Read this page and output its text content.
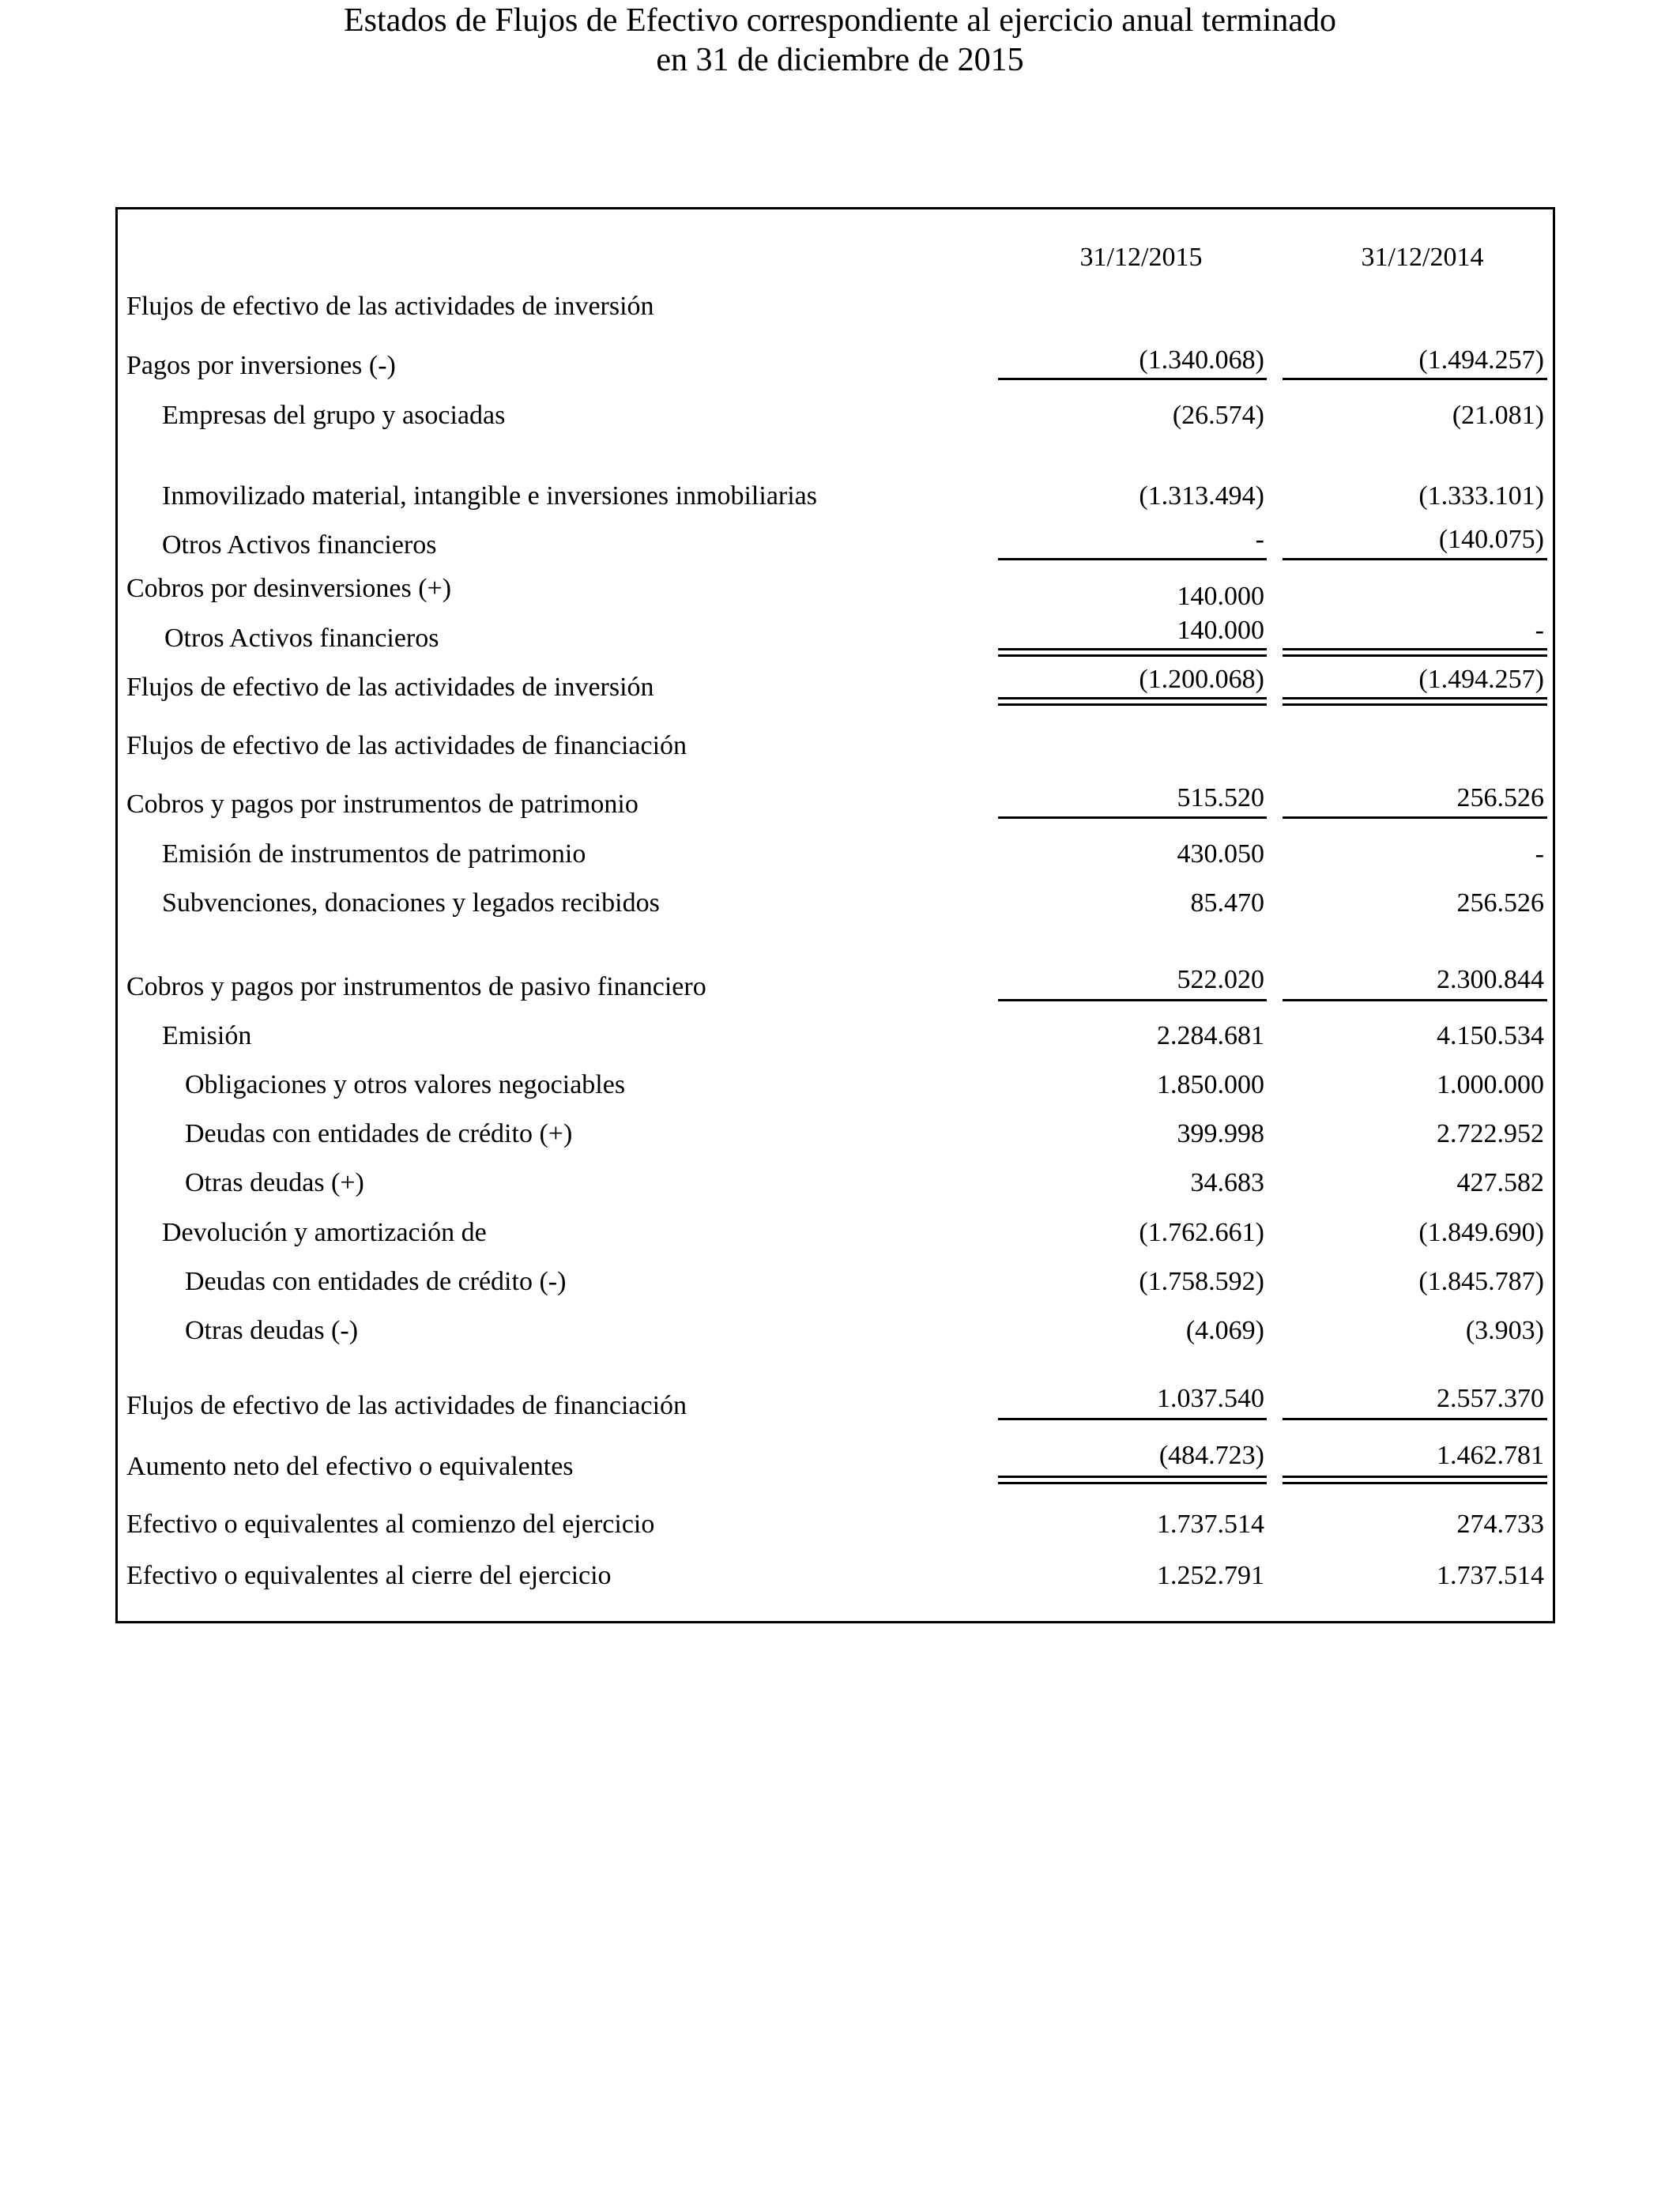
Estados de Flujos de Efectivo correspondiente al ejercicio anual terminado
en 31 de diciembre de 2015
31/12/2015	31/12/2014
Flujos de efectivo de las actividades de inversión
Pagos por inversiones (-)	(1.340.068)	(1.494.257)
Empresas del grupo y asociadas	(26.574)	(21.081)
Inmovilizado material, intangible e inversiones inmobiliarias	(1.313.494)	(1.333.101)
Otros Activos financieros	-	(140.075)
Cobros por desinversiones (+)	140.000
Otros Activos financieros	140.000	-
Flujos de efectivo de las actividades de inversión	(1.200.068)	(1.494.257)
Flujos de efectivo de las actividades de financiación
Cobros y pagos por instrumentos de patrimonio	515.520	256.526
Emisión de instrumentos de patrimonio	430.050	-
Subvenciones, donaciones y legados recibidos	85.470	256.526
Cobros y pagos por instrumentos de pasivo financiero	522.020	2.300.844
Emisión	2.284.681	4.150.534
Obligaciones y otros valores negociables	1.850.000	1.000.000
Deudas con entidades de crédito (+)	399.998	2.722.952
Otras deudas (+)	34.683	427.582
Devolución y amortización de	(1.762.661)	(1.849.690)
Deudas con entidades de crédito (-)	(1.758.592)	(1.845.787)
Otras deudas (-)	(4.069)	(3.903)
Flujos de efectivo de las actividades de financiación	1.037.540	2.557.370
Aumento neto del efectivo o equivalentes	(484.723)	1.462.781
Efectivo o equivalentes al comienzo del ejercicio	1.737.514	274.733
Efectivo o equivalentes al cierre del ejercicio	1.252.791	1.737.514
